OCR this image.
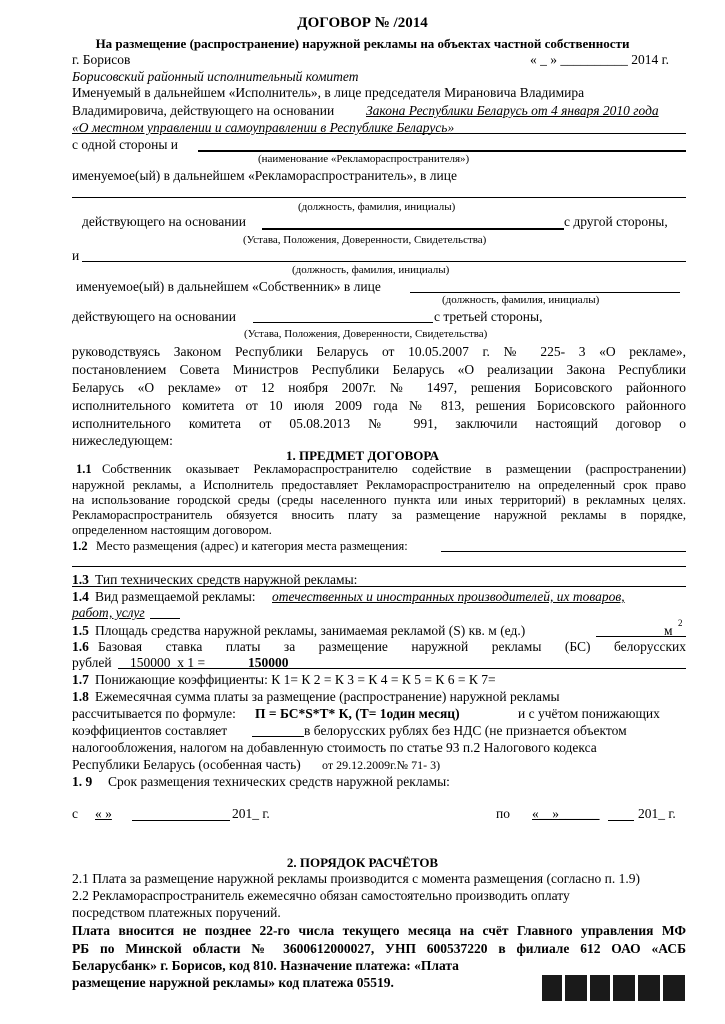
ДОГОВОР № /2014
На размещение (распространение) наружной рекламы на объектах частной собственности
г. Борисов	« _ » __________ 2014 г.
Борисовский районный исполнительный комитет
Именуемый в дальнейшем «Исполнитель», в лице председателя Мирановича Владимира
Владимировича, действующего на основании Закона Республики Беларусь от 4 января 2010 года
«О местном управлении и самоуправлении в Республике Беларусь»
с одной стороны и
(наименование «Рекламораспространителя»)
именуемое(ый) в дальнейшем «Рекламораспространитель», в лице
(должность, фамилия, инициалы)
действующего на основании	с другой стороны,
(Устава, Положения, Доверенности, Свидетельства)
и
(должность, фамилия, инициалы)
именуемое(ый) в дальнейшем «Собственник» в лице
(должность, фамилия, инициалы)
действующего на основании	с третьей стороны,
(Устава, Положения, Доверенности, Свидетельства)
руководствуясь Законом Республики Беларусь от 10.05.2007 г. № 225- 3 «О рекламе»,
постановлением Совета Министров Республики Беларусь «О реализации Закона Республики
Беларусь «О рекламе» от 12 ноября 2007г. № 1497, решения Борисовского районного
исполнительного комитета от 10 июля 2009 года № 813, решения Борисовского районного
исполнительного комитета от 05.08.2013 № 991, заключили настоящий договор о
нижеследующем:
1. ПРЕДМЕТ ДОГОВОРА
1.1 Собственник оказывает Рекламораспространителю содействие в размещении (распространении)
наружной рекламы, а Исполнитель предоставляет Рекламораспространителю на определенный срок право
на использование городской среды (среды населенного пункта или иных территорий) в рекламных целях.
Рекламораспространитель обязуется вносить плату за размещение наружной рекламы в порядке,
определенном настоящим договором.
1.2 Место размещения (адрес) и категория места размещения:
1.3 Тип технических средств наружной рекламы:
1.4 Вид размещаемой рекламы: отечественных и иностранных производителей, их товаров,
работ, услуг
1.5 Площадь средства наружной рекламы, занимаемая рекламой (S) кв. м (ед.)	м 2
1.6 Базовая ставка платы за размещение наружной рекламы (БС) белорусских
рублей 150000_х 1 =	150000
1.7 Понижающие коэффициенты: К 1= К 2 = К 3 = К 4 = К 5 = К 6 = К 7=
1.8 Ежемесячная сумма платы за размещение (распространение) наружной рекламы
рассчитывается по формуле: П = БС*S*Т* К, (Т= 1один месяц)	и с учётом понижающих
коэффициентов составляет	в белорусских рублях без НДС (не признается объектом
налогообложения, налогом на добавленную стоимость по статье 93 п.2 Налогового кодекса
Республики Беларусь (особенная часть) от 29.12.2009г.№ 71- 3)
1. 9 Срок размещения технических средств наружной рекламы:
с « »	201_ г.	по «__»______	201_ г.
2. ПОРЯДОК РАСЧЁТОВ
2.1 Плата за размещение наружной рекламы производится с момента размещения (согласно п. 1.9)
2.2 Рекламораспространитель ежемесячно обязан самостоятельно производить оплату
посредством платежных поручений.
Плата вносится не позднее 22-го числа текущего месяца на счёт Главного управления МФ
РБ по Минской области № 3600612000027, УНП 600537220 в филиале 612 ОАО «АСБ
Беларусбанк» г. Борисов, код 810. Назначение платежа: «Плата
размещение наружной рекламы» код платежа 05519.
